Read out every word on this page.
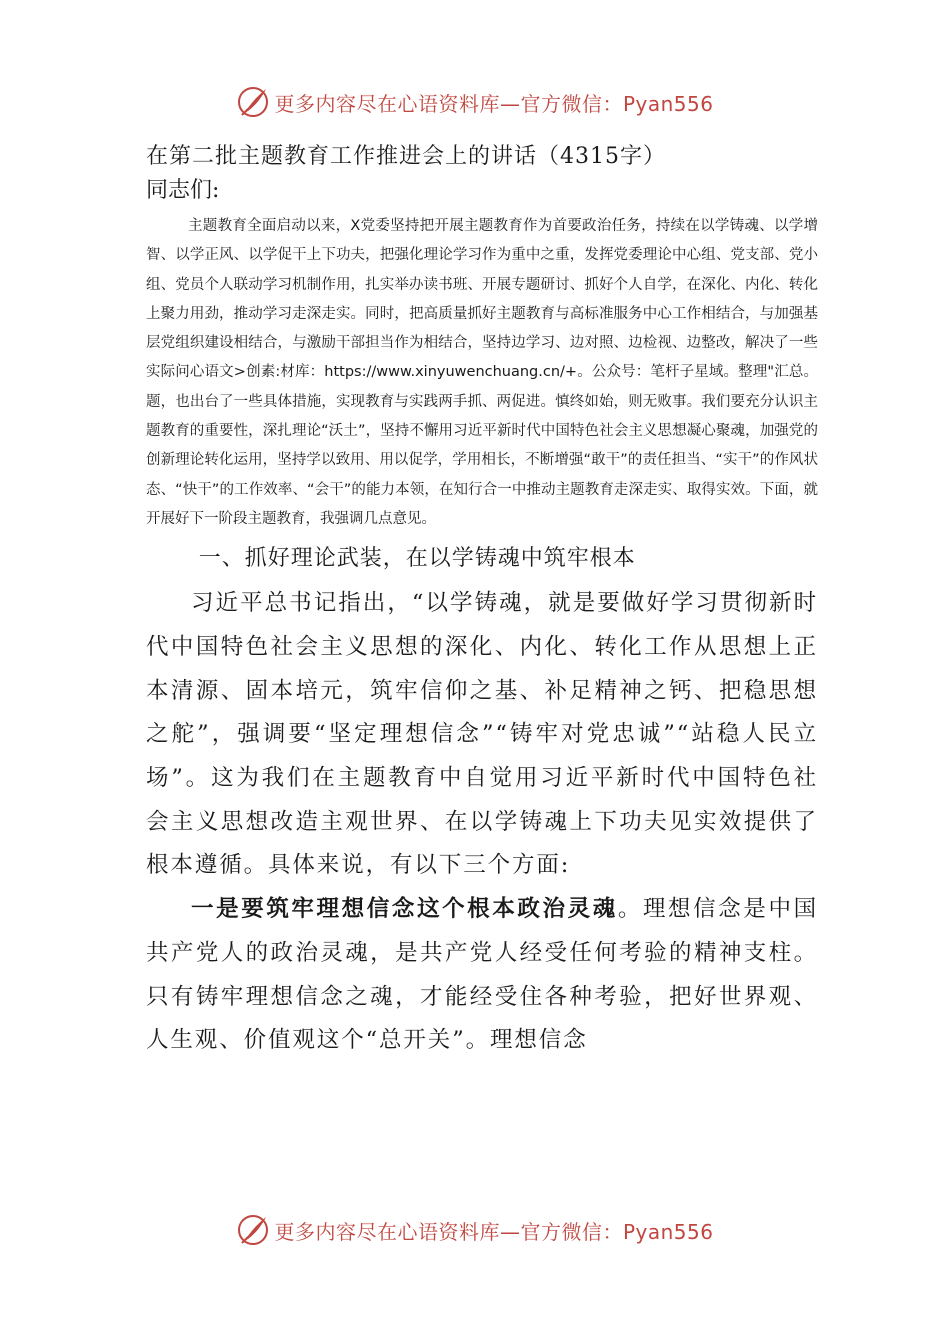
更多内容尽在心语资料库—官方微信：Pyan556

在第二批主题教育工作推进会上的讲话（4315字）

同志们:

主题教育全面启动以来，X党委坚持把开展主题教育作为首要政治任务，持续在以学铸魂、以学增智、以学正风、以学促干上下功夫，把强化理论学习作为重中之重，发挥党委理论中心组、党支部、党小组、党员个人联动学习机制作用，扎实举办读书班、开展专题研讨、抓好个人自学，在深化、内化、转化上聚力用劲，推动学习走深走实。同时，把高质量抓好主题教育与高标准服务中心工作相结合，与加强基层党组织建设相结合，与激励干部担当作为相结合，坚持边学习、边对照、边检视、边整改，解决了一些实际问心语文>创素:材库：https://www.xinyuwenchuang.cn/+。公众号：笔杆子星域。整理"汇总。题，也出台了一些具体措施，实现教育与实践两手抓、两促进。慎终如始，则无败事。我们要充分认识主题教育的重要性，深扎理论“沃土”，坚持不懈用习近平新时代中国特色社会主义思想凝心聚魂，加强党的创新理论转化运用，坚持学以致用、用以促学，学用相长，不断增强“敢干”的责任担当、“实干”的作风状态、“快干”的工作效率、“会干”的能力本领，在知行合一中推动主题教育走深走实、取得实效。下面，就开展好下一阶段主题教育，我强调几点意见。

一、抓好理论武装，在以学铸魂中筑牢根本

习近平总书记指出，“以学铸魂，就是要做好学习贯彻新时代中国特色社会主义思想的深化、内化、转化工作从思想上正本清源、固本培元，筑牢信仰之基、补足精神之钙、把稳思想之舵”，强调要“坚定理想信念”“铸牢对党忠诚”“站稳人民立场”。这为我们在主题教育中自觉用习近平新时代中国特色社会主义思想改造主观世界、在以学铸魂上下功夫见实效提供了根本遵循。具体来说，有以下三个方面:

一是要筑牢理想信念这个根本政治灵魂。理想信念是中国共产党人的政治灵魂，是共产党人经受任何考验的精神支柱。只有铸牢理想信念之魂，才能经受住各种考验，把好世界观、人生观、价值观这个“总开关”。理想信念

更多内容尽在心语资料库—官方微信：Pyan556
